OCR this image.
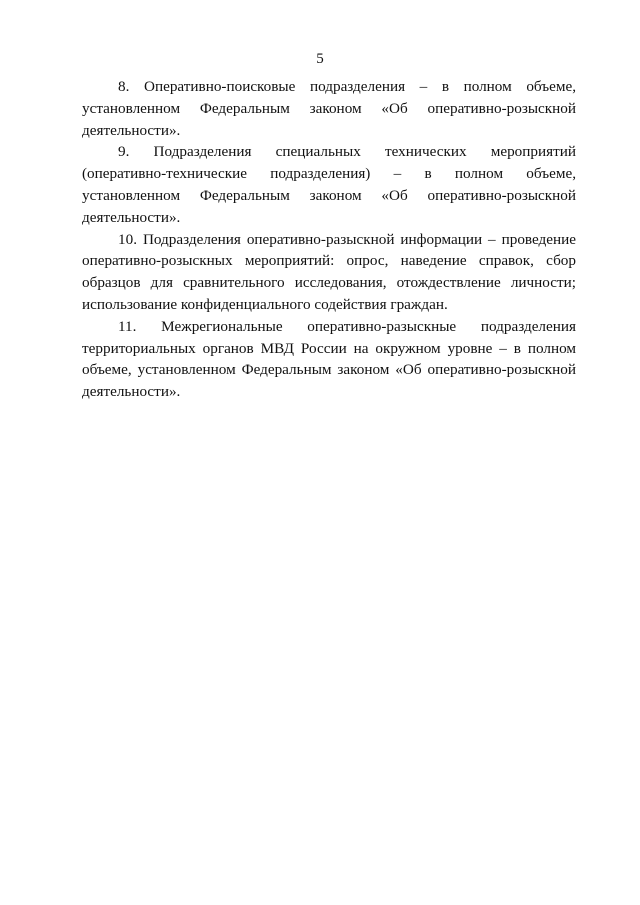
5

8. Оперативно-поисковые подразделения – в полном объеме, установленном Федеральным законом «Об оперативно-розыскной деятельности».

9. Подразделения специальных технических мероприятий (оперативно-технические подразделения) – в полном объеме, установленном Федеральным законом «Об оперативно-розыскной деятельности».

10. Подразделения оперативно-разыскной информации – проведение оперативно-розыскных мероприятий: опрос, наведение справок, сбор образцов для сравнительного исследования, отождествление личности; использование конфиденциального содействия граждан.

11. Межрегиональные оперативно-разыскные подразделения территориальных органов МВД России на окружном уровне – в полном объеме, установленном Федеральным законом «Об оперативно-розыскной деятельности».
